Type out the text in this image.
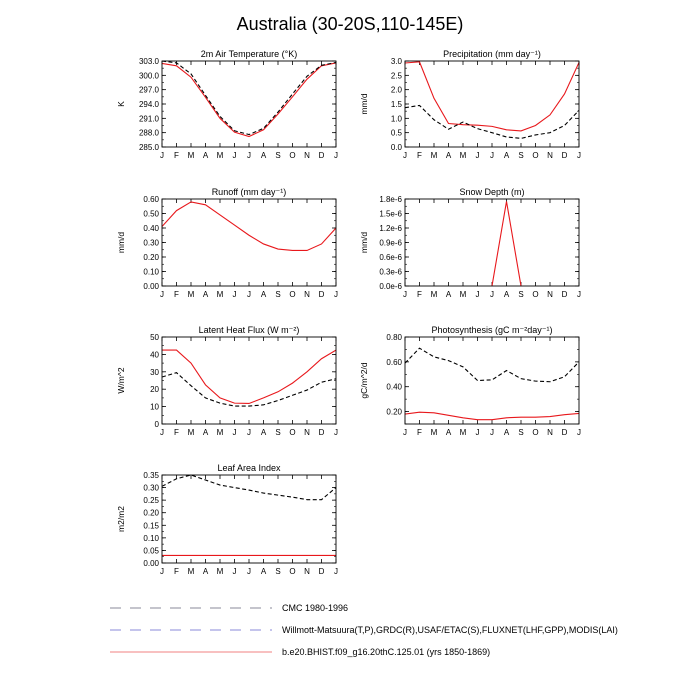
Australia (30-20S,110-145E)
2m Air Temperature (°K)
K
285.0
288.0
291.0
294.0
297.0
300.0
303.0
J F M A M J J A S O N D J
Precipitation (mm day⁻¹)
mm/d
0.0
0.5
1.0
1.5
2.0
2.5
3.0
J F M A M J J A S O N D J
Runoff (mm day⁻¹)
mm/d
0.00
0.10
0.20
0.30
0.40
0.50
0.60
J F M A M J J A S O N D J
Snow Depth (m)
mm/d
0.0e-6
0.3e-6
0.6e-6
0.9e-6
1.2e-6
1.5e-6
1.8e-6
J F M A M J J A S O N D J
Latent Heat Flux (W m⁻²)
W/m^2
0
10
20
30
40
50
J F M A M J J A S O N D J
Photosynthesis (gC m⁻²day⁻¹)
gC/m^2/d
0.20
0.40
0.60
0.80
J F M A M J J A S O N D J
Leaf Area Index
m2/m2
0.00
0.05
0.10
0.15
0.20
0.25
0.30
0.35
J F M A M J J A S O N D J
CMC 1980-1996
Willmott-Matsuura(T,P),GRDC(R),USAF/ETAC(S),FLUXNET(LHF,GPP),MODIS(LAI)
b.e20.BHIST.f09_g16.20thC.125.01 (yrs 1850-1869)
